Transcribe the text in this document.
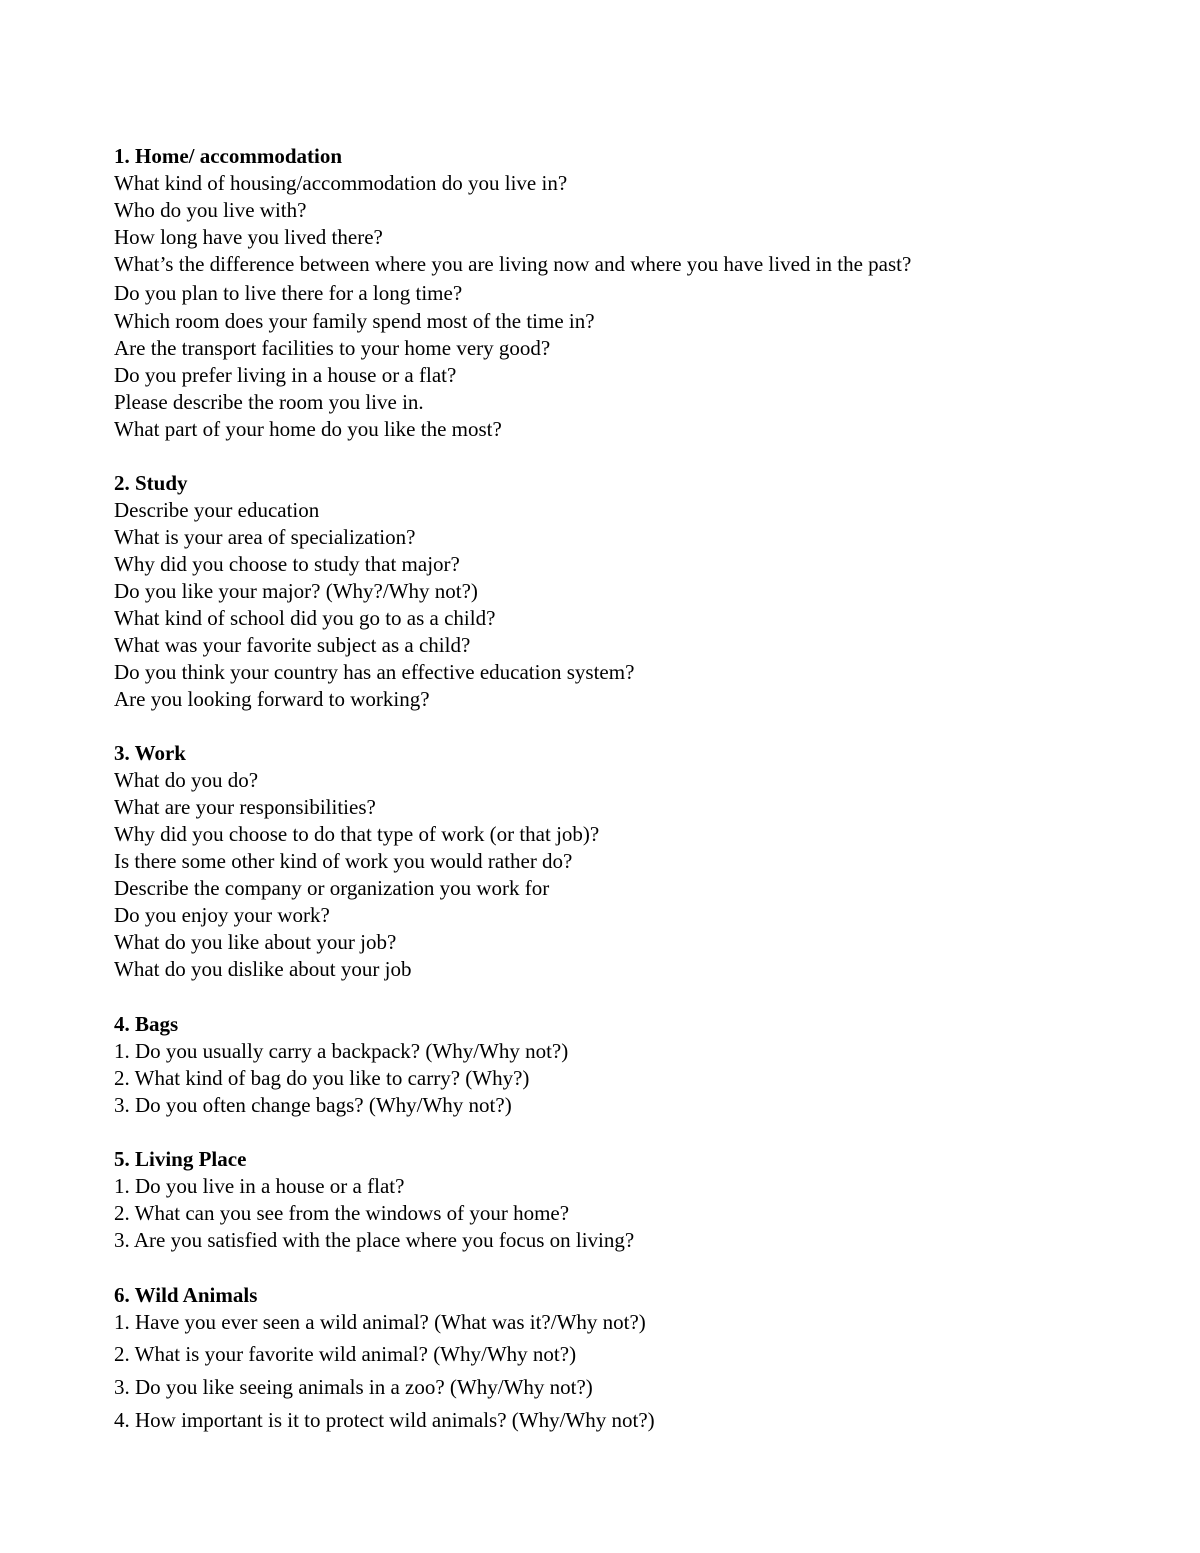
1. Home/ accommodation

What kind of housing/accommodation do you live in?

Who do you live with?

How long have you lived there?

What’s the difference between where you are living now and where you have lived in the past?

Do you plan to live there for a long time?

Which room does your family spend most of the time in?

Are the transport facilities to your home very good?

Do you prefer living in a house or a flat?

Please describe the room you live in.

What part of your home do you like the most?

2. Study

Describe your education

What is your area of specialization?

Why did you choose to study that major?

Do you like your major? (Why?/Why not?)

What kind of school did you go to as a child?

What was your favorite subject as a child?

Do you think your country has an effective education system?

Are you looking forward to working?

3. Work

What do you do?

What are your responsibilities?

Why did you choose to do that type of work (or that job)?

Is there some other kind of work you would rather do?

Describe the company or organization you work for

Do you enjoy your work?

What do you like about your job?

What do you dislike about your job

4. Bags

1. Do you usually carry a backpack? (Why/Why not?)

2. What kind of bag do you like to carry? (Why?)

3. Do you often change bags? (Why/Why not?)

5. Living Place

1. Do you live in a house or a flat?

2. What can you see from the windows of your home?

3. Are you satisfied with the place where you focus on living?

6. Wild Animals

1. Have you ever seen a wild animal? (What was it?/Why not?)

2. What is your favorite wild animal? (Why/Why not?)

3. Do you like seeing animals in a zoo? (Why/Why not?)

4. How important is it to protect wild animals? (Why/Why not?)
